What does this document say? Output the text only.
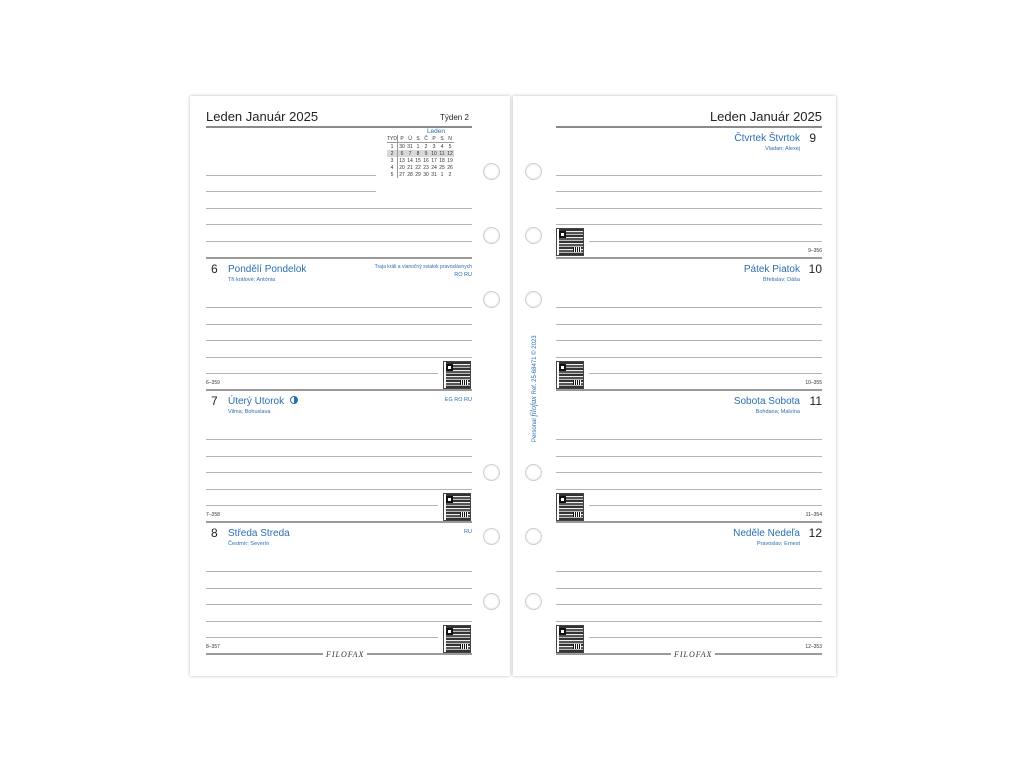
Leden Január 2025	Týden 2
Leden
TYD	P	Ú	S	Č	P	S	N
1	30	31	1	2	3	4	5
2	6	7	8	9	10	11	12
3	13	14	15	16	17	18	19
4	20	21	22	23	24	25	26
5	27	28	29	30	31	1	2
6 Pondělí Pondelok
Tři králové; Antónia
Traja králi a vianočný sviatok pravoslávnych
RO RU
6–359
7 Úterý Utorok
Vilma; Bohuslava
EG RO RU
7–358
8 Středa Streda
Čestmír; Severín
RU
8–357
FILOFAX
Personal filofax Ref. 25-68471 © 2023
Leden Január 2025
9
Čtvrtek Štvrtok
Vladan; Alexej
9–356
10
Pátek Piatok
Břetislav; Dáša
10–355
11
Sobota Sobota
Bohdana; Malvína
11–354
12
Neděle Nedeľa
Pravoslav; Ernest
12–353
FILOFAX
